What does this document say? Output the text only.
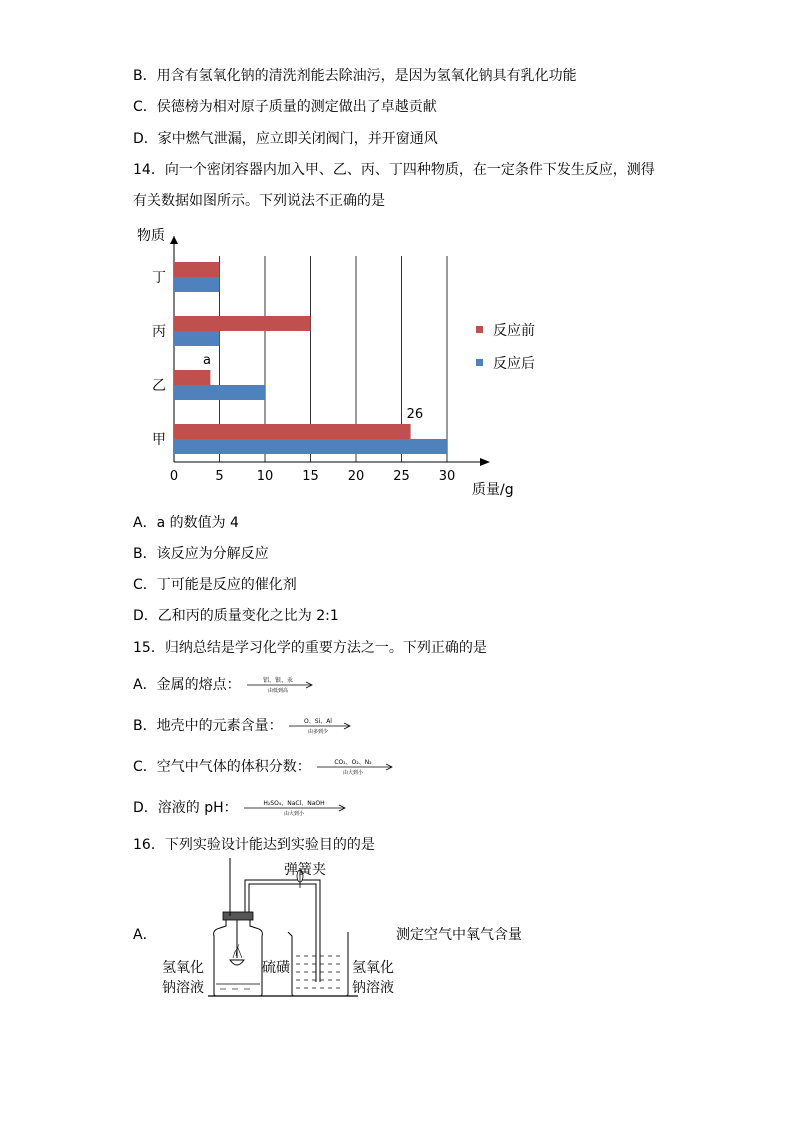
B．用含有氢氧化钠的清洗剂能去除油污，是因为氢氧化钠具有乳化功能
C．侯德榜为相对原子质量的测定做出了卓越贡献
D．家中燃气泄漏，应立即关闭阀门，并开窗通风
14．向一个密闭容器内加入甲、乙、丙、丁四种物质，在一定条件下发生反应，测得
有关数据如图所示。下列说法不正确的是
0	5	10 15 20 25 30
甲
乙
丙
丁
26
a
物质
质量/g
反应前
反应后
A．a 的数值为 4
B．该反应为分解反应
C．丁可能是反应的催化剂
D．乙和丙的质量变化之比为 2:1
15．归纳总结是学习化学的重要方法之一。下列正确的是
A．金属的熔点：	铝、银、汞
由低到高
B．地壳中的元素含量：	O、Si、Al
由多到少
C．空气中气体的体积分数：	CO₂、O₂、N₂
由大到小
D．溶液的 pH：	H₂SO₄、NaCl、NaOH
由大到小
16．下列实验设计能达到实验目的的是
A．
弹簧夹
氢氧化
钠溶液
硫磺	氢氧化
钠溶液
测定空气中氧气含量
